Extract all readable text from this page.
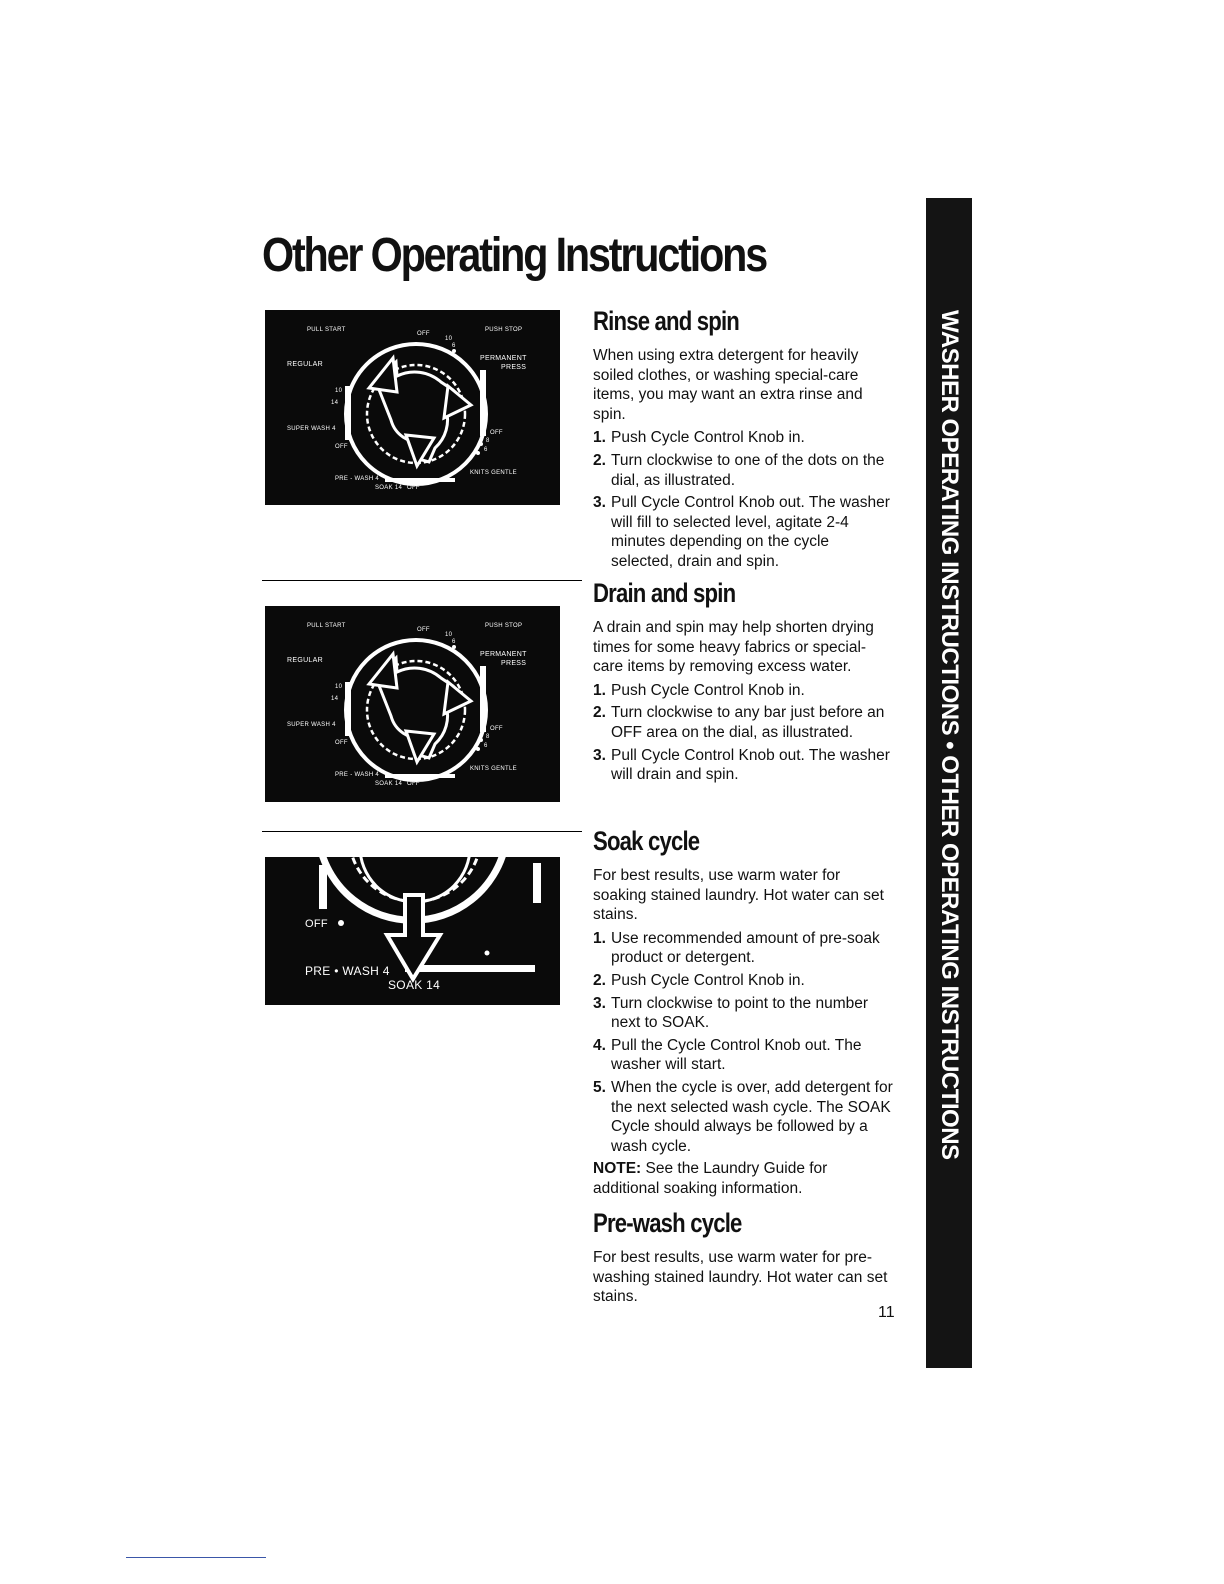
Other Operating Instructions
WASHER OPERATING INSTRUCTIONS • OTHER OPERATING INSTRUCTIONS
PULL START
OFF
PUSH STOP
10
6
REGULAR
PERMANENT
PRESS
10
14
SUPER WASH 4
OFF
OFF
8
6
PRE - WASH 4
SOAK 14 OFF
KNITS GENTLE
PULL START
OFF
PUSH STOP
10
6
REGULAR
PERMANENT
PRESS
10
14
SUPER WASH 4
OFF
OFF
8
6
PRE - WASH 4
SOAK 14 OFF
KNITS GENTLE
OFF
PRE • WASH 4
SOAK 14
Rinse and spin

When using extra detergent for heavily soiled clothes, or washing special-care items, you may want an extra rinse and spin.

1. Push Cycle Control Knob in.
2. Turn clockwise to one of the dots on the dial, as illustrated.
3. Pull Cycle Control Knob out. The washer will fill to selected level, agitate 2-4 minutes depending on the cycle selected, drain and spin.
Drain and spin

A drain and spin may help shorten drying times for some heavy fabrics or special-care items by removing excess water.

1. Push Cycle Control Knob in.
2. Turn clockwise to any bar just before an OFF area on the dial, as illustrated.
3. Pull Cycle Control Knob out. The washer will drain and spin.
Soak cycle

For best results, use warm water for soaking stained laundry. Hot water can set stains.

1. Use recommended amount of pre-soak product or detergent.
2. Push Cycle Control Knob in.
3. Turn clockwise to point to the number next to SOAK.
4. Pull the Cycle Control Knob out. The washer will start.
5. When the cycle is over, add detergent for the next selected wash cycle. The SOAK Cycle should always be followed by a wash cycle.

NOTE: See the Laundry Guide for additional soaking information.

Pre-wash cycle

For best results, use warm water for pre-washing stained laundry. Hot water can set stains.

11
